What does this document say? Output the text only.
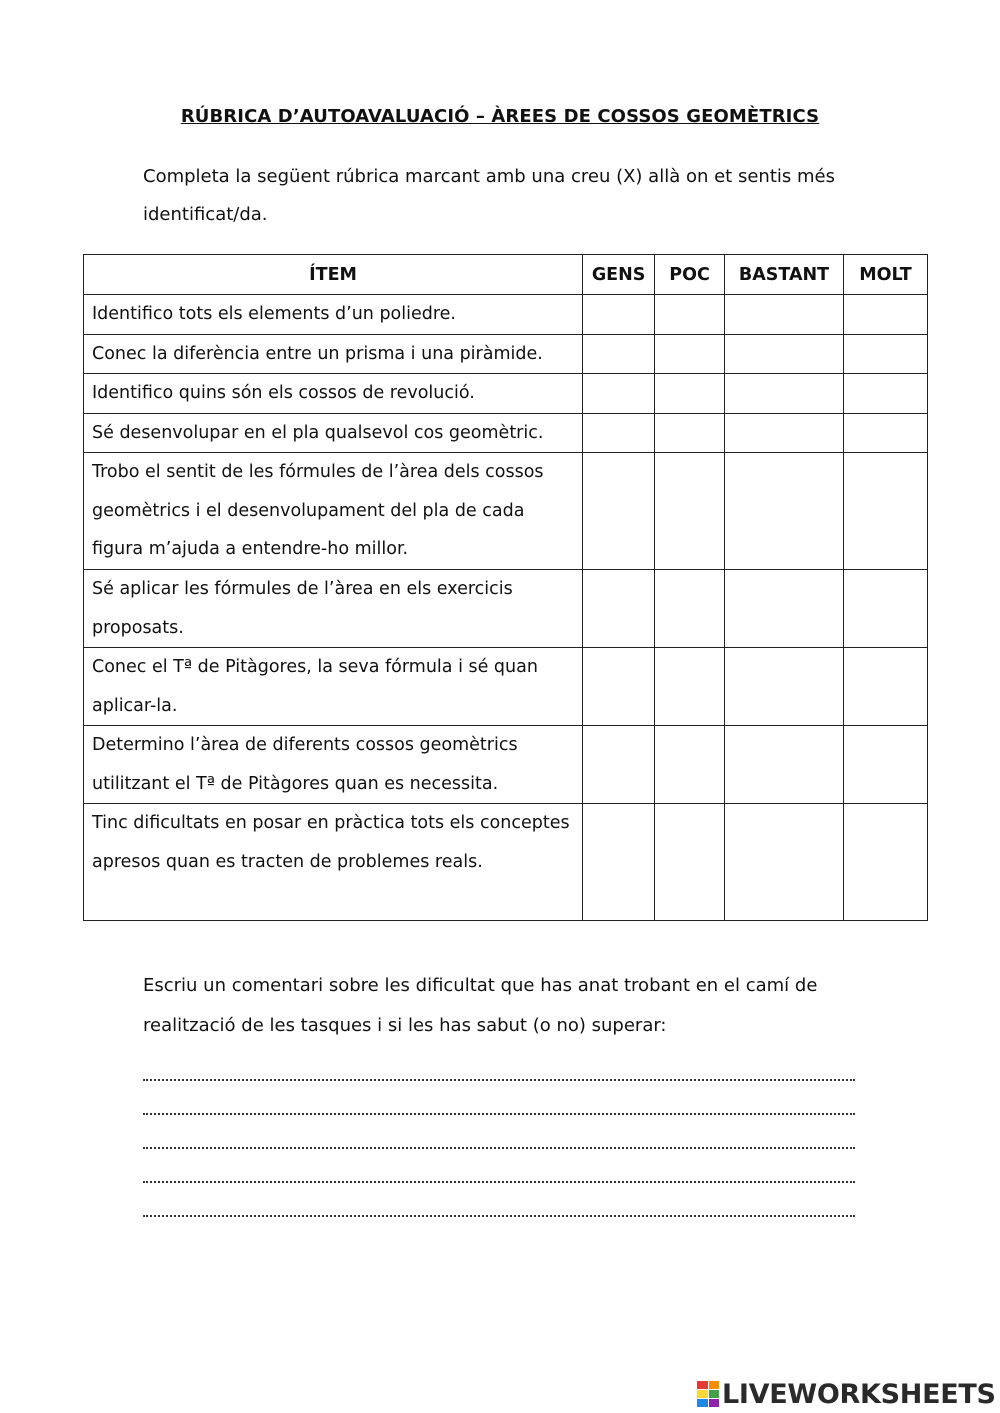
RÚBRICA D’AUTOAVALUACIÓ – ÀREES DE COSSOS GEOMÈTRICS
Completa la següent rúbrica marcant amb una creu (X) allà on et sentis més identificat/da.
ÍTEM	GENS	POC	BASTANT	MOLT
Identifico tots els elements d’un poliedre.				
Conec la diferència entre un prisma i una piràmide.				
Identifico quins són els cossos de revolució.				
Sé desenvolupar en el pla qualsevol cos geomètric.				
Trobo el sentit de les fórmules de l’àrea dels cossos geomètrics i el desenvolupament del pla de cada figura m’ajuda a entendre-ho millor.				
Sé aplicar les fórmules de l’àrea en els exercicis proposats.				
Conec el Tª de Pitàgores, la seva fórmula i sé quan aplicar-la.				
Determino l’àrea de diferents cossos geomètrics utilitzant el Tª de Pitàgores quan es necessita.				
Tinc dificultats en posar en pràctica tots els conceptes apresos quan es tracten de problemes reals.				
Escriu un comentari sobre les dificultat que has anat trobant en el camí de realització de les tasques i si les has sabut (o no) superar:
LIVEWORKSHEETS
